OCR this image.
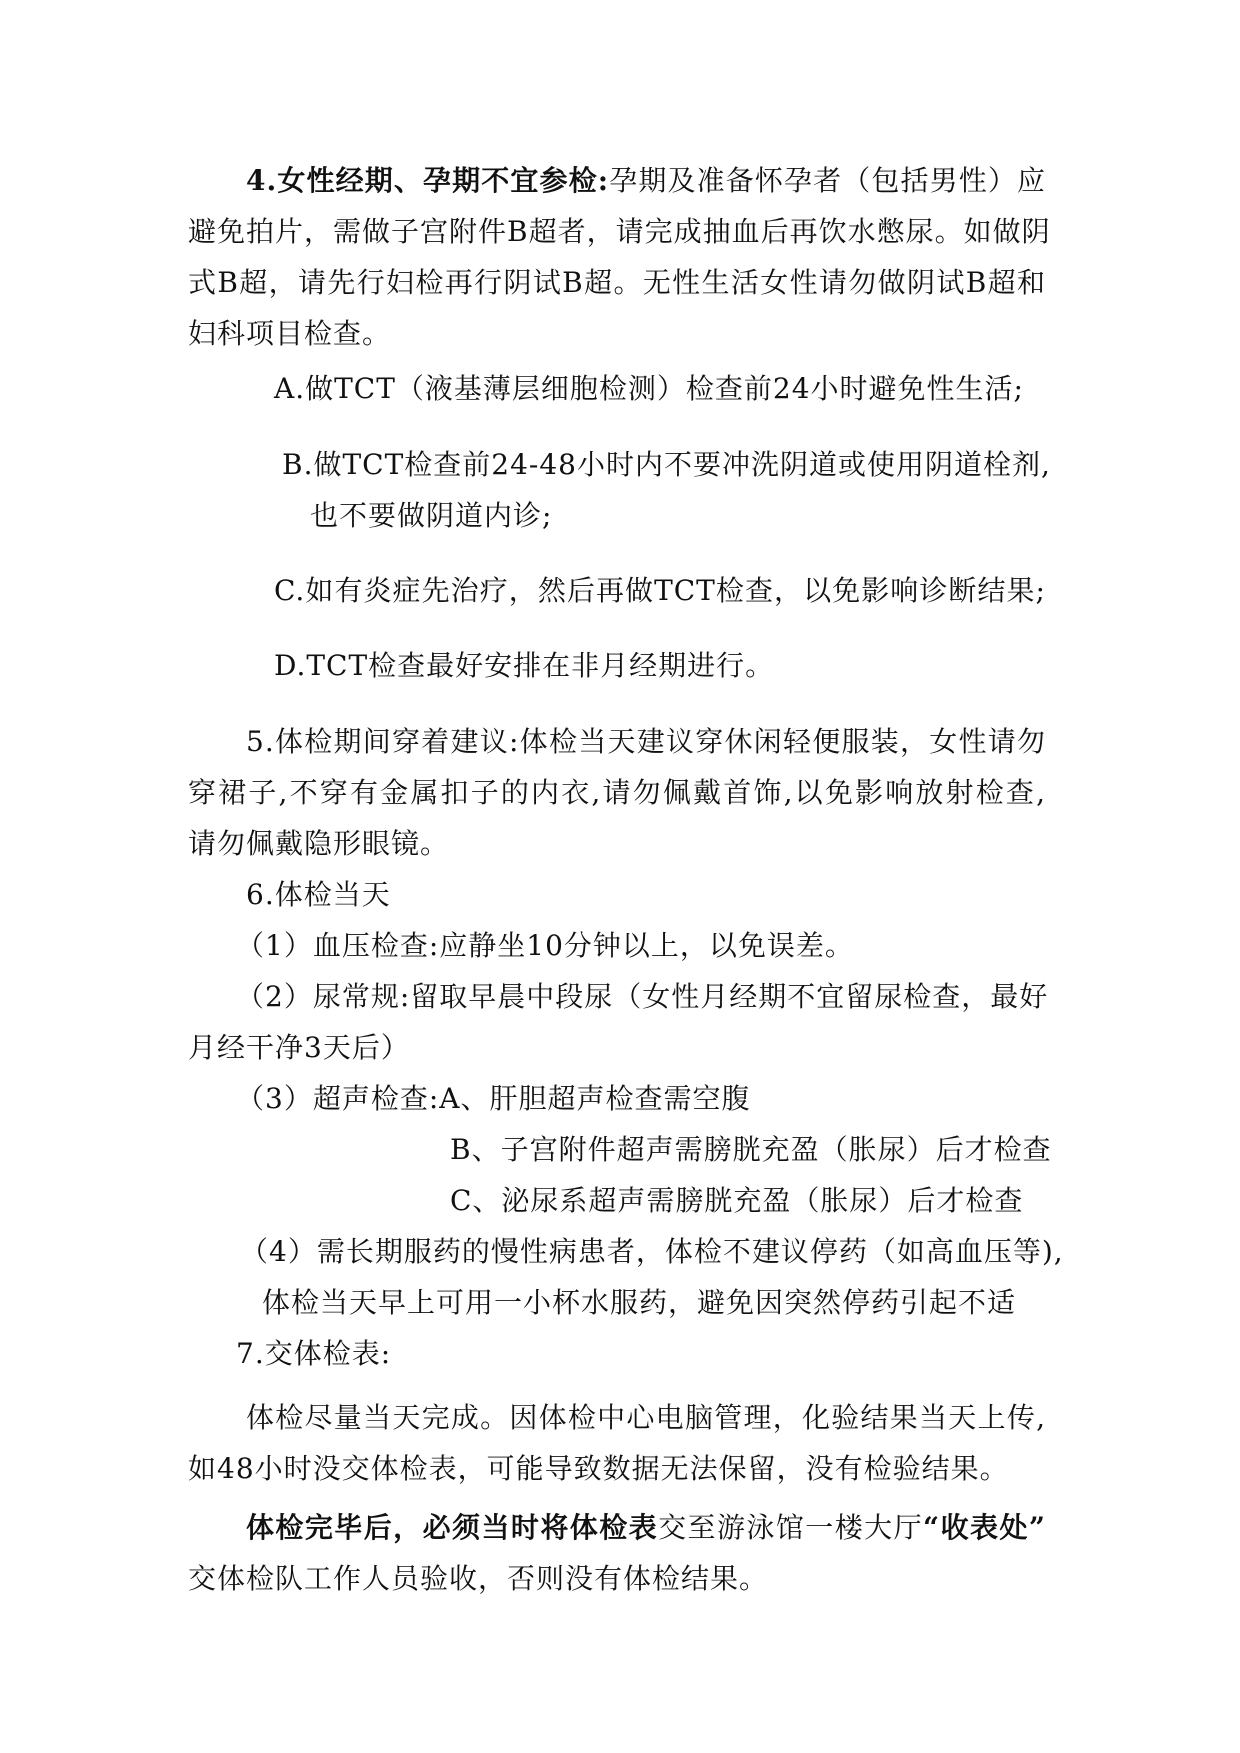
4.女性经期、孕期不宜参检:孕期及准备怀孕者（包括男性）应
避免拍片，需做子宫附件B超者，请完成抽血后再饮水憋尿。如做阴
式B超，请先行妇检再行阴试B超。无性生活女性请勿做阴试B超和
妇科项目检查。
A.做TCT（液基薄层细胞检测）检查前24小时避免性生活;
B.做TCT检查前24-48小时内不要冲洗阴道或使用阴道栓剂,
也不要做阴道内诊;
C.如有炎症先治疗，然后再做TCT检查，以免影响诊断结果;
D.TCT检查最好安排在非月经期进行。
5.体检期间穿着建议:体检当天建议穿休闲轻便服装，女性请勿
穿裙子,不穿有金属扣子的内衣,请勿佩戴首饰,以免影响放射检查,
请勿佩戴隐形眼镜。
6.体检当天
（1）血压检查:应静坐10分钟以上，以免误差。
（2）尿常规:留取早晨中段尿（女性月经期不宜留尿检查，最好
月经干净3天后）
（3）超声检查:A、肝胆超声检查需空腹
B、子宫附件超声需膀胱充盈（胀尿）后才检查
C、泌尿系超声需膀胱充盈（胀尿）后才检查
（4）需长期服药的慢性病患者，体检不建议停药（如高血压等),
体检当天早上可用一小杯水服药，避免因突然停药引起不适
7.交体检表:
体检尽量当天完成。因体检中心电脑管理，化验结果当天上传,
如48小时没交体检表，可能导致数据无法保留，没有检验结果。
体检完毕后，必须当时将体检表交至游泳馆一楼大厅“收表处”
交体检队工作人员验收，否则没有体检结果。
